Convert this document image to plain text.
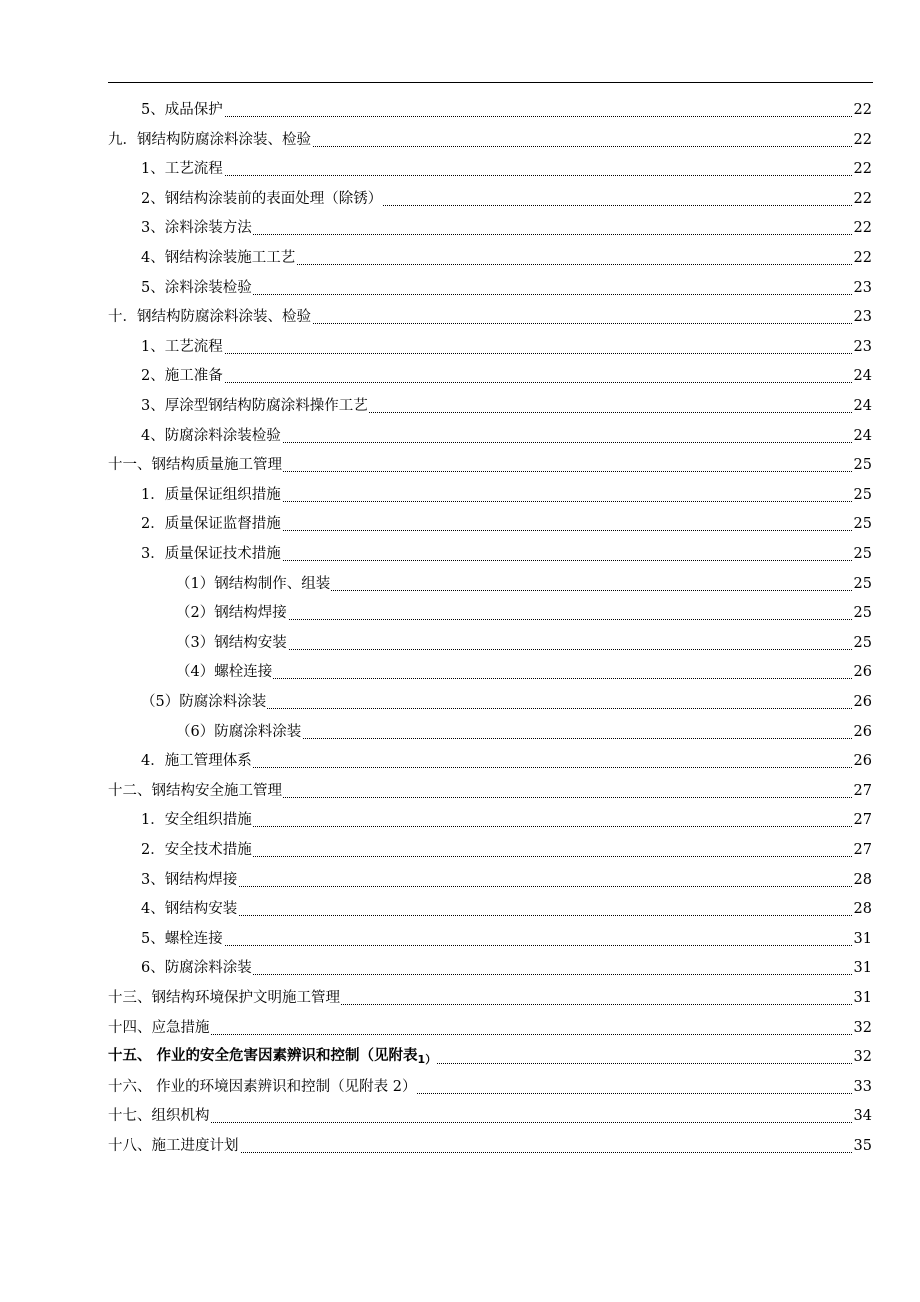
5、成品保护	22
九．钢结构防腐涂料涂装、检验	22
1、工艺流程	22
2、钢结构涂装前的表面处理（除锈）	22
3、涂料涂装方法	22
4、钢结构涂装施工工艺	22
5、涂料涂装检验	23
十．钢结构防腐涂料涂装、检验	23
1、工艺流程	23
2、施工准备	24
3、厚涂型钢结构防腐涂料操作工艺	24
4、防腐涂料涂装检验	24
十一、钢结构质量施工管理	25
1．质量保证组织措施	25
2．质量保证监督措施	25
3．质量保证技术措施	25
（1）钢结构制作、组装	25
（2）钢结构焊接	25
（3）钢结构安装	25
（4）螺栓连接	26
（5）防腐涂料涂装	26
（6）防腐涂料涂装	26
4．施工管理体系	26
十二、钢结构安全施工管理	27
1．安全组织措施	27
2．安全技术措施	27
3、钢结构焊接	28
4、钢结构安装	28
5、螺栓连接	31
6、防腐涂料涂装	31
十三、钢结构环境保护文明施工管理	31
十四、应急措施	32
十五、 作业的安全危害因素辨识和控制（见附表$_{1)}$	32
十六、 作业的环境因素辨识和控制（见附表 2）	33
十七、组织机构	34
十八、施工进度计划	35
